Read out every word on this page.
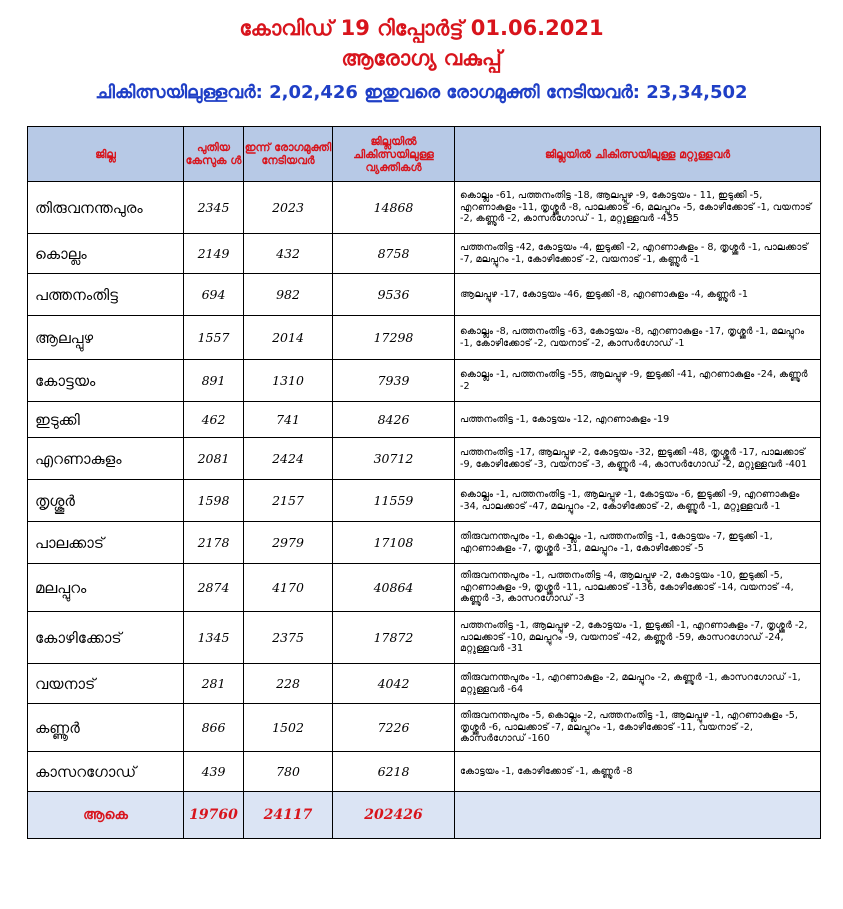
കോവിഡ് 19 റിപ്പോർട്ട് 01.06.2021
ആരോഗ്യ വകുപ്പ്
ചികിത്സയിലുള്ളവർ: 2,02,426 ഇതുവരെ രോഗമുക്തി നേടിയവർ: 23,34,502
ജില്ല	പുതിയ കേസുക ൾ	ഇന്ന് രോഗമുക്തി നേടിയവർ	ജില്ലയിൽ ചികിത്സയിലുള്ള വ്യക്തികൾ	ജില്ലയിൽ ചികിത്സയിലുള്ള മറ്റുള്ളവർ
തിരുവനന്തപുരം	2345	2023	14868	കൊല്ലം -61, പത്തനംതിട്ട -18, ആലപ്പുഴ -9, കോട്ടയം - 11, ഇടുക്കി -5, എറണാകുളം -11, തൃശ്ശൂർ -8, പാലക്കാട് -6, മലപ്പുറം -5, കോഴിക്കോട് -1, വയനാട് -2, കണ്ണൂർ -2, കാസർഗോഡ് - 1, മറ്റുള്ളവർ -435
കൊല്ലം	2149	432	8758	പത്തനംതിട്ട -42, കോട്ടയം -4, ഇടുക്കി -2, എറണാകുളം - 8, തൃശ്ശൂർ -1, പാലക്കാട് -7, മലപ്പുറം -1, കോഴിക്കോട് -2, വയനാട് -1, കണ്ണൂർ -1
പത്തനംതിട്ട	694	982	9536	ആലപ്പുഴ -17, കോട്ടയം -46, ഇടുക്കി -8, എറണാകുളം -4, കണ്ണൂർ -1
ആലപ്പുഴ	1557	2014	17298	കൊല്ലം -8, പത്തനംതിട്ട -63, കോട്ടയം -8, എറണാകുളം -17, തൃശ്ശൂർ -1, മലപ്പുറം -1, കോഴിക്കോട് -2, വയനാട് -2, കാസർഗോഡ് -1
കോട്ടയം	891	1310	7939	കൊല്ലം -1, പത്തനംതിട്ട -55, ആലപ്പുഴ -9, ഇടുക്കി -41, എറണാകുളം -24, കണ്ണൂർ -2
ഇടുക്കി	462	741	8426	പത്തനംതിട്ട -1, കോട്ടയം -12, എറണാകുളം -19
എറണാകുളം	2081	2424	30712	പത്തനംതിട്ട -17, ആലപ്പുഴ -2, കോട്ടയം -32, ഇടുക്കി -48, തൃശ്ശൂർ -17, പാലക്കാട് -9, കോഴിക്കോട് -3, വയനാട് -3, കണ്ണൂർ -4, കാസർഗോഡ് -2, മറ്റുള്ളവർ -401
തൃശ്ശൂർ	1598	2157	11559	കൊല്ലം -1, പത്തനംതിട്ട -1, ആലപ്പുഴ -1, കോട്ടയം -6, ഇടുക്കി -9, എറണാകുളം -34, പാലക്കാട് -47, മലപ്പുറം -2, കോഴിക്കോട് -2, കണ്ണൂർ -1, മറ്റുള്ളവർ -1
പാലക്കാട്	2178	2979	17108	തിരുവനന്തപുരം -1, കൊല്ലം -1, പത്തനംതിട്ട -1, കോട്ടയം -7, ഇടുക്കി -1, എറണാകുളം -7, തൃശ്ശൂർ -31, മലപ്പുറം -1, കോഴിക്കോട് -5
മലപ്പുറം	2874	4170	40864	തിരുവനന്തപുരം -1, പത്തനംതിട്ട -4, ആലപ്പുഴ -2, കോട്ടയം -10, ഇടുക്കി -5, എറണാകുളം -9, തൃശ്ശൂർ -11, പാലക്കാട് -136, കോഴിക്കോട് -14, വയനാട് -4, കണ്ണൂർ -3, കാസറഗോഡ് -3
കോഴിക്കോട്	1345	2375	17872	പത്തനംതിട്ട -1, ആലപ്പുഴ -2, കോട്ടയം -1, ഇടുക്കി -1, എറണാകുളം -7, തൃശ്ശൂർ -2, പാലക്കാട് -10, മലപ്പുറം -9, വയനാട് -42, കണ്ണൂർ -59, കാസറഗോഡ് -24, മറ്റുള്ളവർ -31
വയനാട്	281	228	4042	തിരുവനന്തപുരം -1, എറണാകുളം -2, മലപ്പുറം -2, കണ്ണൂർ -1, കാസറഗോഡ് -1, മറ്റുള്ളവർ -64
കണ്ണൂർ	866	1502	7226	തിരുവനന്തപുരം -5, കൊല്ലം -2, പത്തനംതിട്ട -1, ആലപ്പുഴ -1, എറണാകുളം -5, തൃശ്ശൂർ -6, പാലക്കാട് -7, മലപ്പുറം -1, കോഴിക്കോട് -11, വയനാട് -2, കാസർഗോഡ് -160
കാസറഗോഡ്	439	780	6218	കോട്ടയം -1, കോഴിക്കോട് -1, കണ്ണൂർ -8
ആകെ	19760	24117	202426	
